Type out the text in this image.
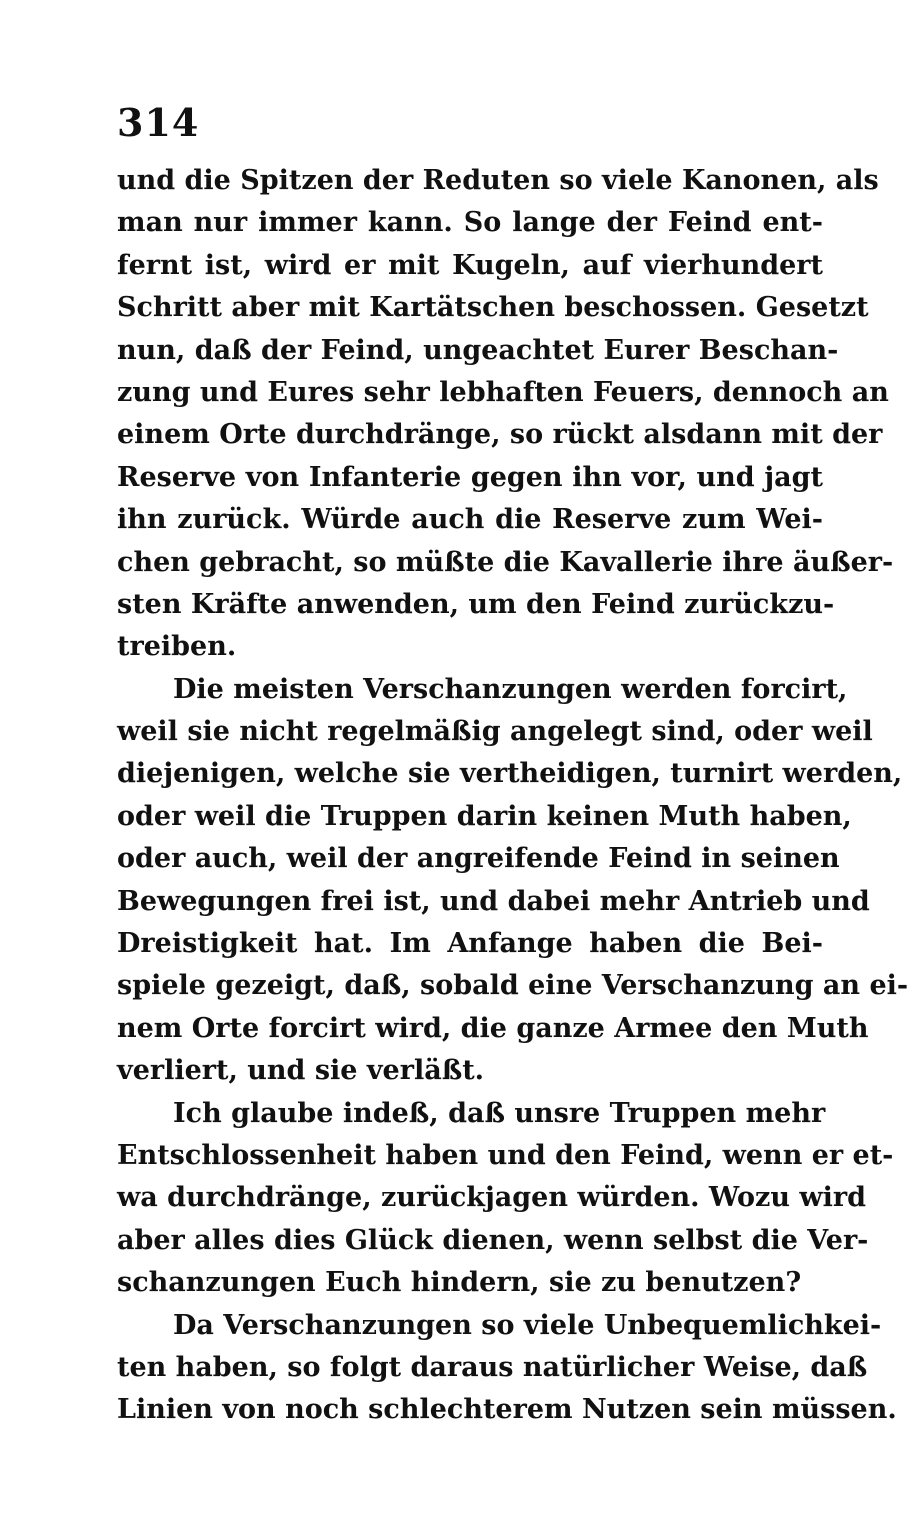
314
und die Spitzen der Reduten so viele Kanonen, als
man nur immer kann. So lange der Feind ent-
fernt ist, wird er mit Kugeln, auf vierhundert
Schritt aber mit Kartätschen beschossen. Gesetzt
nun, daß der Feind, ungeachtet Eurer Beschan-
zung und Eures sehr lebhaften Feuers, dennoch an
einem Orte durchdränge, so rückt alsdann mit der
Reserve von Infanterie gegen ihn vor, und jagt
ihn zurück. Würde auch die Reserve zum Wei-
chen gebracht, so müßte die Kavallerie ihre äußer-
sten Kräfte anwenden, um den Feind zurückzu-
treiben.
Die meisten Verschanzungen werden forcirt,
weil sie nicht regelmäßig angelegt sind, oder weil
diejenigen, welche sie vertheidigen, turnirt werden,
oder weil die Truppen darin keinen Muth haben,
oder auch, weil der angreifende Feind in seinen
Bewegungen frei ist, und dabei mehr Antrieb und
Dreistigkeit hat. Im Anfange haben die Bei-
spiele gezeigt, daß, sobald eine Verschanzung an ei-
nem Orte forcirt wird, die ganze Armee den Muth
verliert, und sie verläßt.
Ich glaube indeß, daß unsre Truppen mehr
Entschlossenheit haben und den Feind, wenn er et-
wa durchdränge, zurückjagen würden. Wozu wird
aber alles dies Glück dienen, wenn selbst die Ver-
schanzungen Euch hindern, sie zu benutzen?
Da Verschanzungen so viele Unbequemlichkei-
ten haben, so folgt daraus natürlicher Weise, daß
Linien von noch schlechterem Nutzen sein müssen.
